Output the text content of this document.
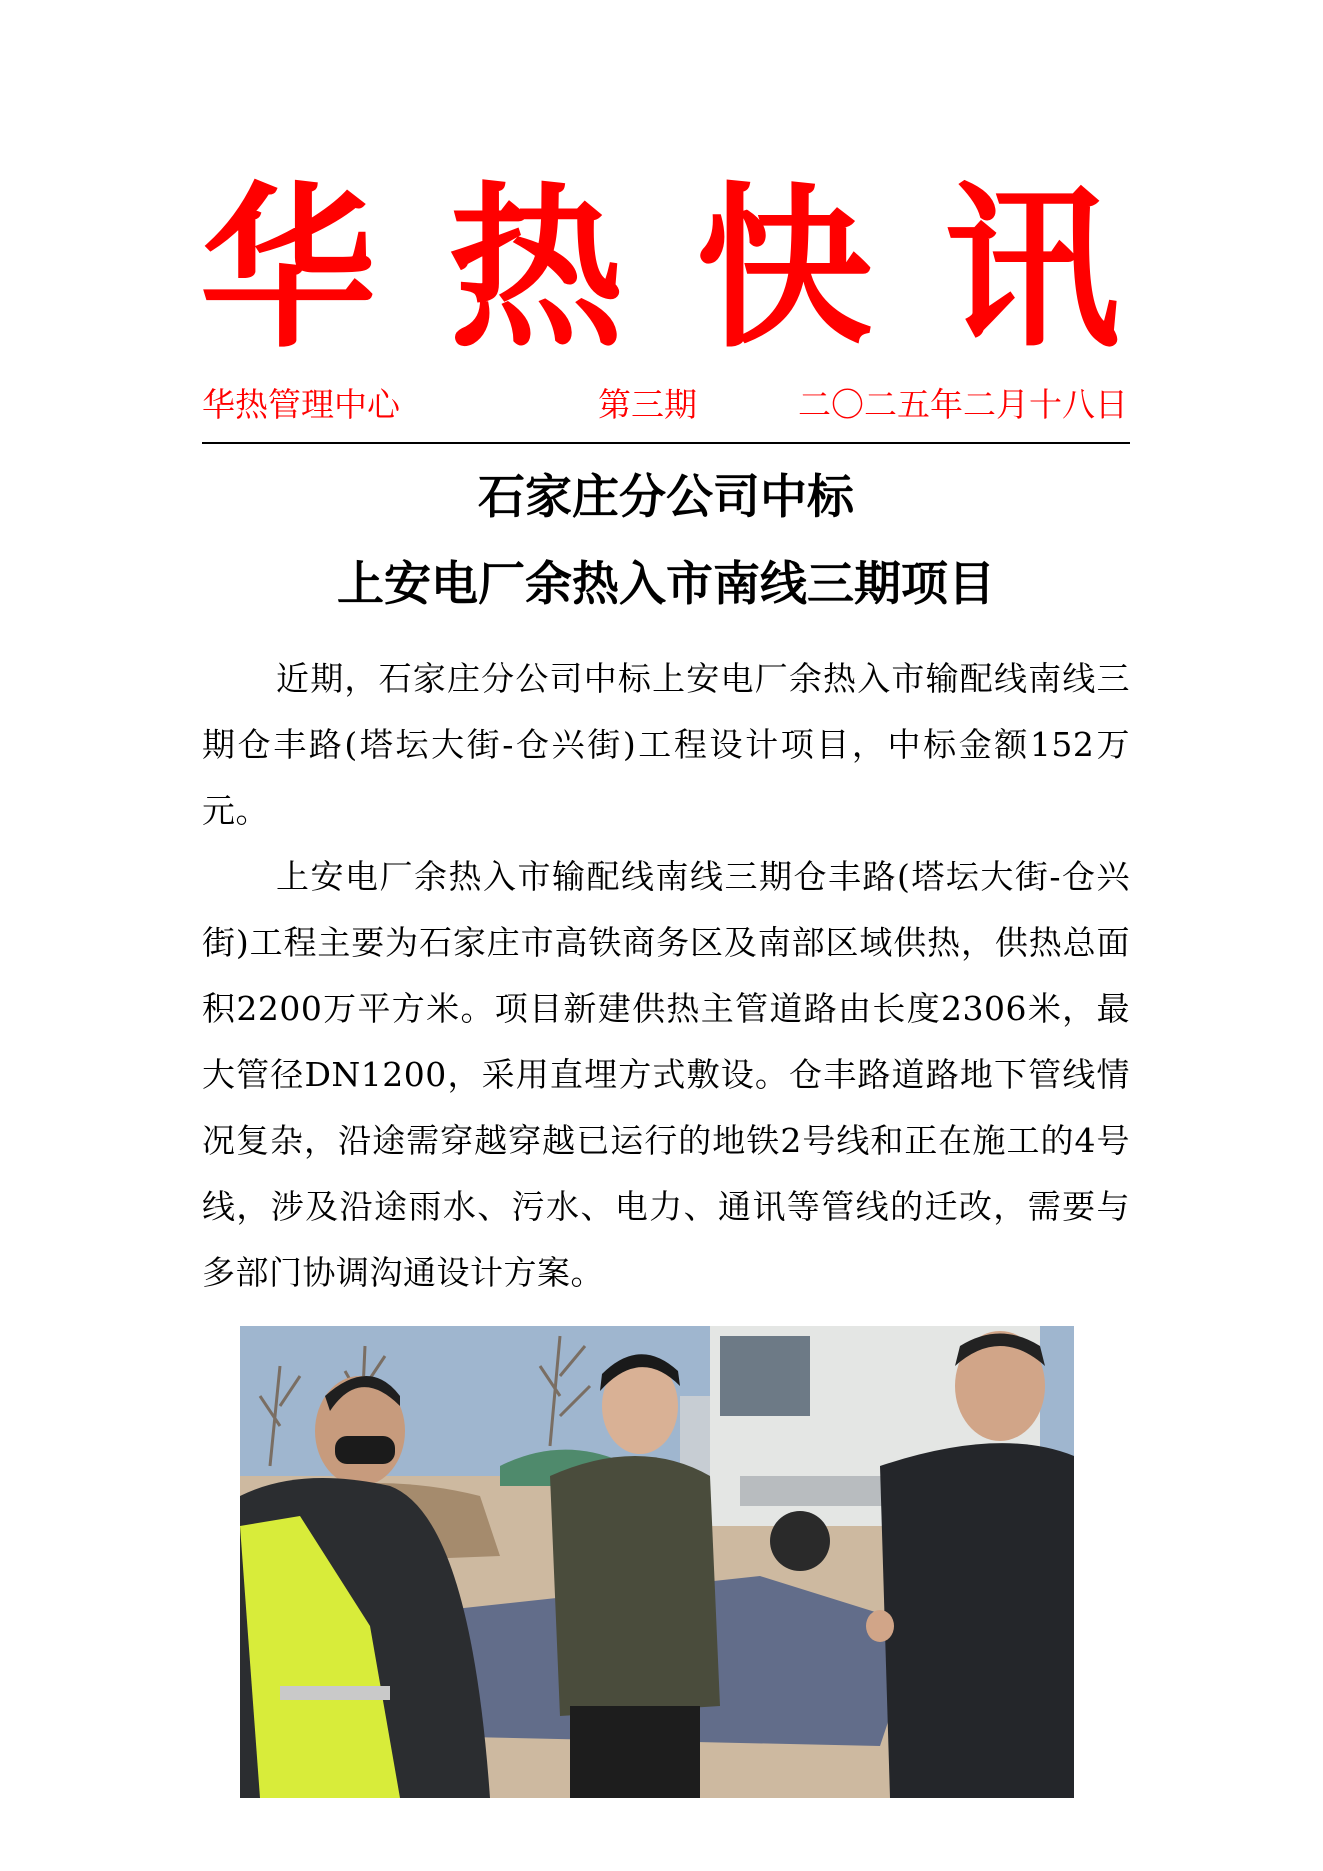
华 热 快 讯
华热管理中心	第三期	二〇二五年二月十八日
石家庄分公司中标
上安电厂余热入市南线三期项目

近期，石家庄分公司中标上安电厂余热入市输配线南线三期仓丰路(塔坛大街-仓兴街)工程设计项目，中标金额152万元。

上安电厂余热入市输配线南线三期仓丰路(塔坛大街-仓兴街)工程主要为石家庄市高铁商务区及南部区域供热，供热总面积2200万平方米。项目新建供热主管道路由长度2306米，最大管径DN1200，采用直埋方式敷设。仓丰路道路地下管线情况复杂，沿途需穿越穿越已运行的地铁2号线和正在施工的4号线，涉及沿途雨水、污水、电力、通讯等管线的迁改，需要与多部门协调沟通设计方案。
